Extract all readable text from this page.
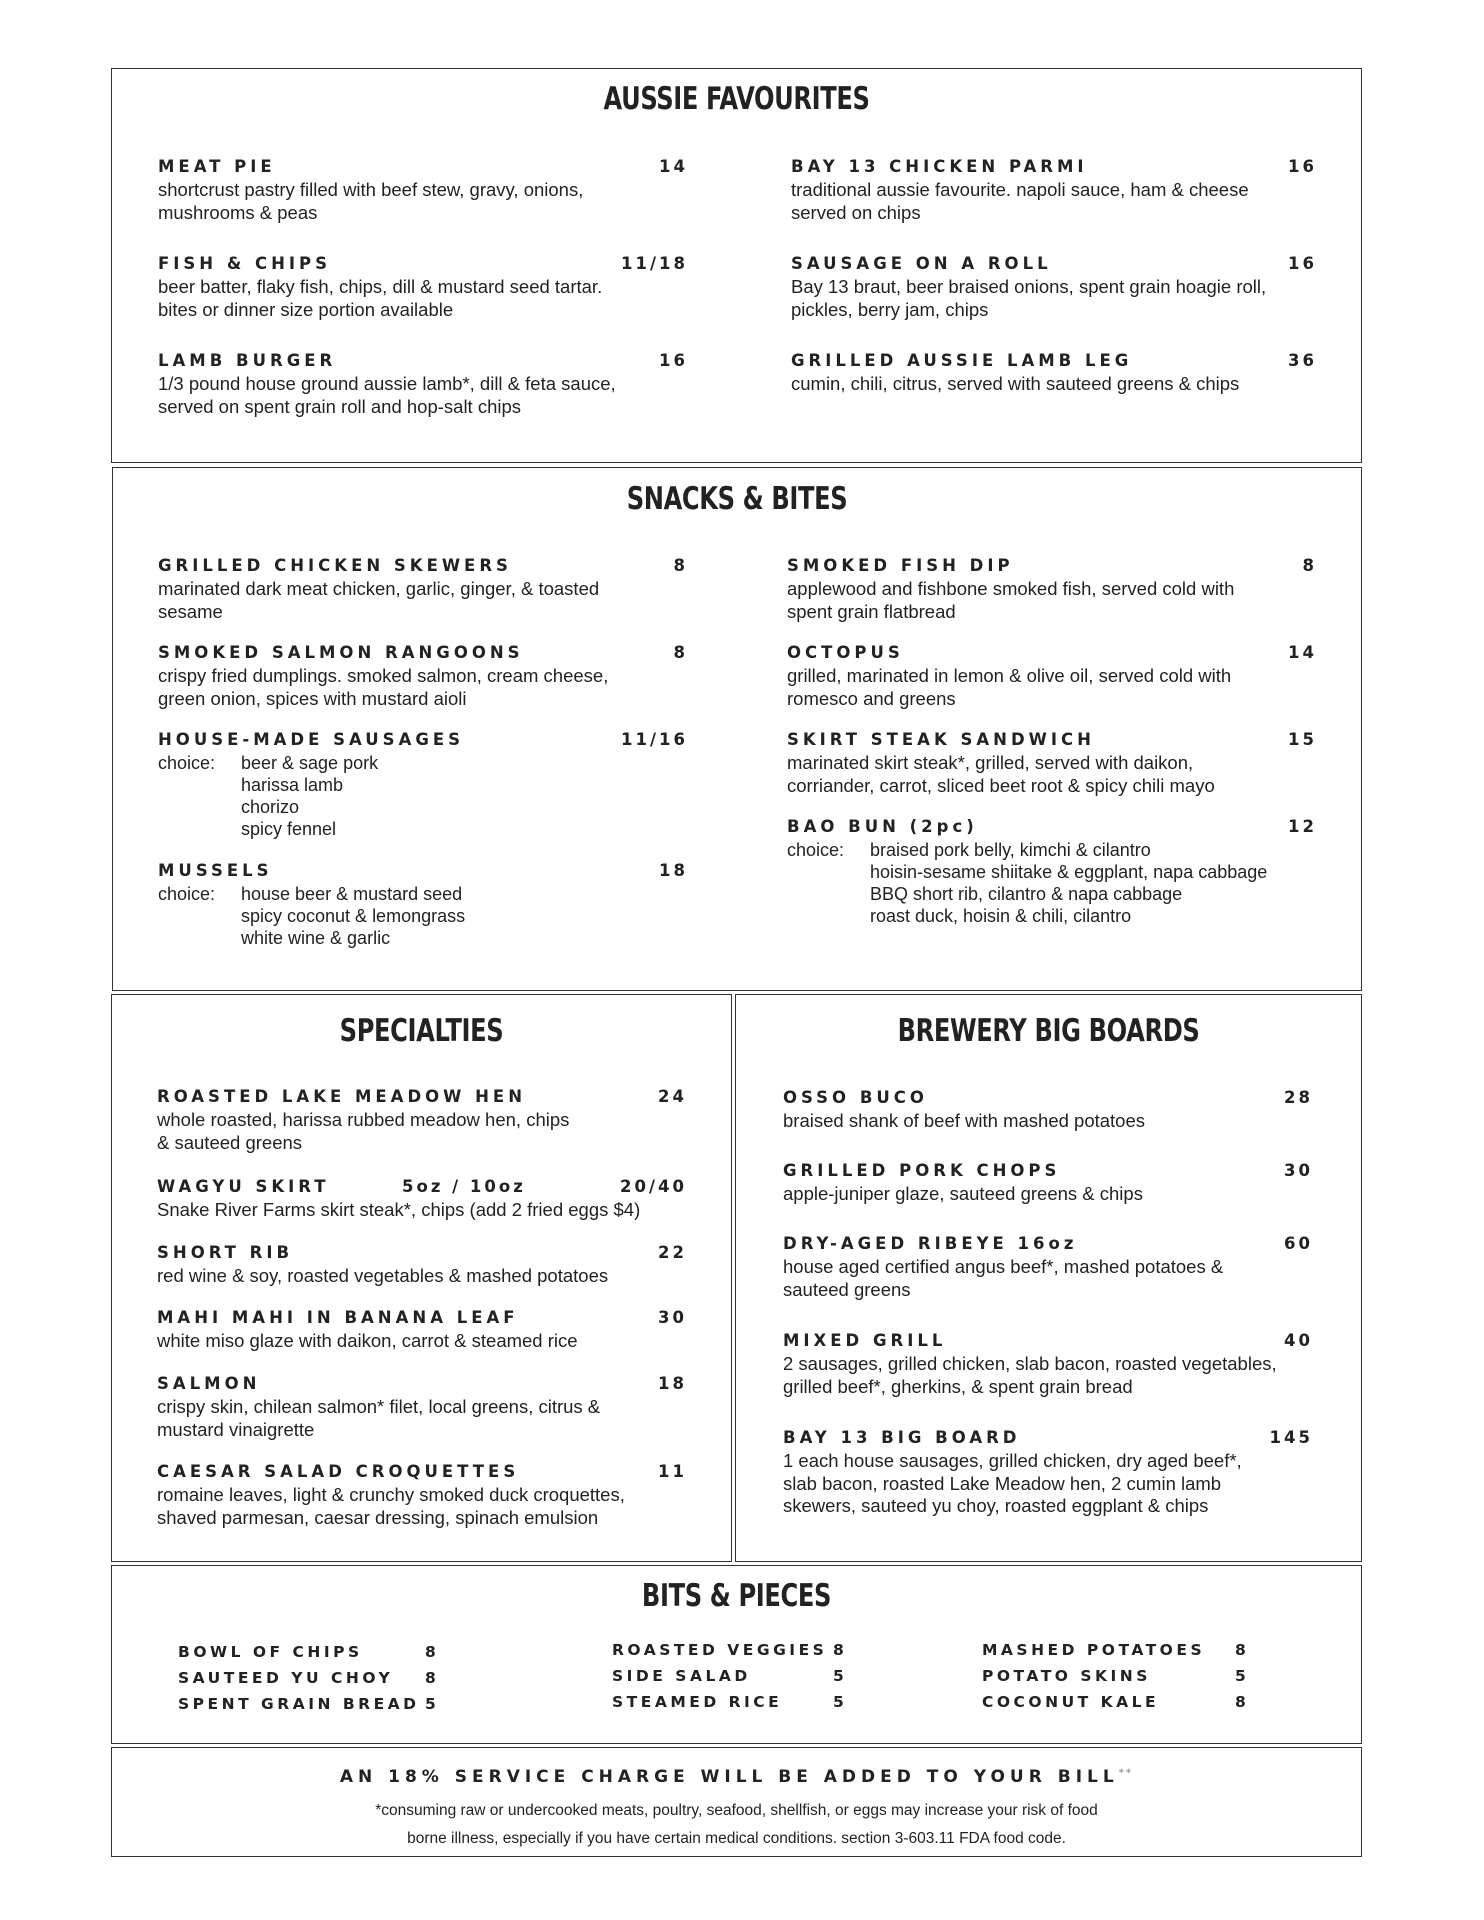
AUSSIE FAVOURITES
MEAT PIE	14
shortcrust pastry filled with beef stew, gravy, onions,
mushrooms & peas
BAY 13 CHICKEN PARMI	16
traditional aussie favourite. napoli sauce, ham & cheese
served on chips
FISH & CHIPS	11/18
beer batter, flaky fish, chips, dill & mustard seed tartar.
bites or dinner size portion available
SAUSAGE ON A ROLL	16
Bay 13 braut, beer braised onions, spent grain hoagie roll,
pickles, berry jam, chips
LAMB BURGER	16
1/3 pound house ground aussie lamb*, dill & feta sauce,
served on spent grain roll and hop-salt chips
GRILLED AUSSIE LAMB LEG	36
cumin, chili, citrus, served with sauteed greens & chips
SNACKS & BITES
GRILLED CHICKEN SKEWERS	8
marinated dark meat chicken, garlic, ginger, & toasted
sesame
SMOKED FISH DIP	8
applewood and fishbone smoked fish, served cold with
spent grain flatbread
SMOKED SALMON RANGOONS	8
crispy fried dumplings. smoked salmon, cream cheese,
green onion, spices with mustard aioli
OCTOPUS	14
grilled, marinated in lemon & olive oil, served cold with
romesco and greens
HOUSE-MADE SAUSAGES	11/16
choice:	beer & sage pork
harissa lamb
chorizo
spicy fennel
SKIRT STEAK SANDWICH	15
marinated skirt steak*, grilled, served with daikon,
corriander, carrot, sliced beet root & spicy chili mayo
BAO BUN (2pc)	12
choice:	braised pork belly, kimchi & cilantro
hoisin-sesame shiitake & eggplant, napa cabbage
BBQ short rib, cilantro & napa cabbage
roast duck, hoisin & chili, cilantro
MUSSELS	18
choice:	house beer & mustard seed
spicy coconut & lemongrass
white wine & garlic
SPECIALTIES
ROASTED LAKE MEADOW HEN	24
whole roasted, harissa rubbed meadow hen, chips
& sauteed greens
WAGYU SKIRT	5oz / 10oz	20/40
Snake River Farms skirt steak*, chips (add 2 fried eggs $4)
SHORT RIB	22
red wine & soy, roasted vegetables & mashed potatoes
MAHI MAHI IN BANANA LEAF	30
white miso glaze with daikon, carrot & steamed rice
SALMON	18
crispy skin, chilean salmon* filet, local greens, citrus &
mustard vinaigrette
CAESAR SALAD CROQUETTES	11
romaine leaves, light & crunchy smoked duck croquettes,
shaved parmesan, caesar dressing, spinach emulsion
BREWERY BIG BOARDS
OSSO BUCO	28
braised shank of beef with mashed potatoes
GRILLED PORK CHOPS	30
apple-juniper glaze, sauteed greens & chips
DRY-AGED RIBEYE 16oz	60
house aged certified angus beef*, mashed potatoes &
sauteed greens
MIXED GRILL	40
2 sausages, grilled chicken, slab bacon, roasted vegetables,
grilled beef*, gherkins, & spent grain bread
BAY 13 BIG BOARD	145
1 each house sausages, grilled chicken, dry aged beef*,
slab bacon, roasted Lake Meadow hen, 2 cumin lamb
skewers, sauteed yu choy, roasted eggplant & chips
BITS & PIECES
BOWL OF CHIPS	8
SAUTEED YU CHOY 8
SPENT GRAIN BREAD 5
ROASTED VEGGIES 8
SIDE SALAD	5
STEAMED RICE	5
MASHED POTATOES 8
POTATO SKINS	5
COCONUT KALE	8
AN 18% SERVICE CHARGE WILL BE ADDED TO YOUR BILL**
*consuming raw or undercooked meats, poultry, seafood, shellfish, or eggs may increase your risk of food
borne illness, especially if you have certain medical conditions. section 3-603.11 FDA food code.
